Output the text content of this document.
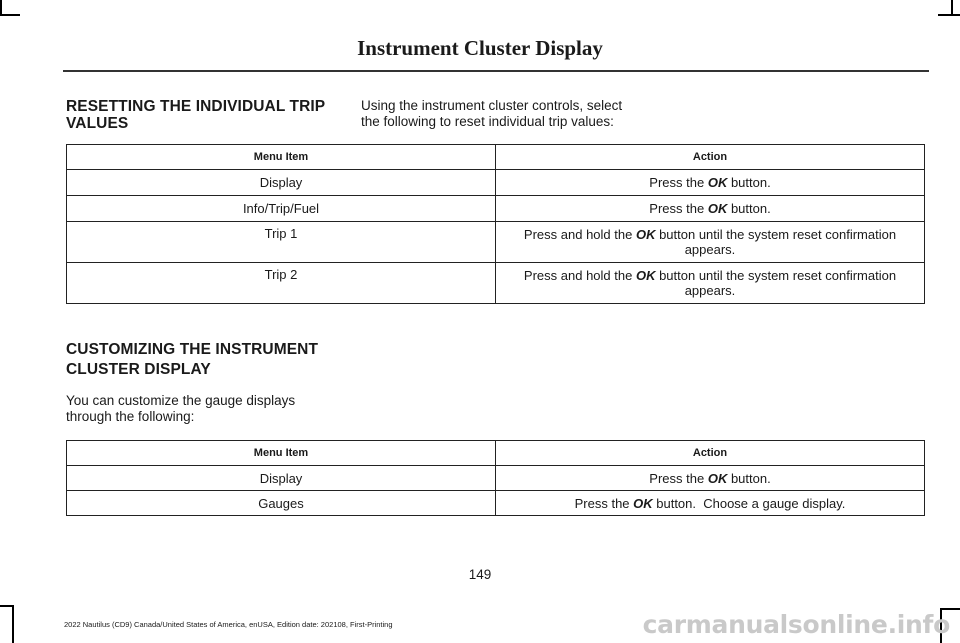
Instrument Cluster Display
RESETTING THE INDIVIDUAL TRIP
VALUES
Using the instrument cluster controls, select
the following to reset individual trip values:
Menu Item	Action
Display	Press the OK button.
Info/Trip/Fuel	Press the OK button.
Trip 1	Press and hold the OK button until the system reset confirmation appears.
Trip 2	Press and hold the OK button until the system reset confirmation appears.
CUSTOMIZING THE INSTRUMENT
CLUSTER DISPLAY
You can customize the gauge displays
through the following:
Menu Item	Action
Display	Press the OK button.
Gauges	Press the OK button.  Choose a gauge display.
149
2022 Nautilus (CD9) Canada/United States of America, enUSA, Edition date: 202108, First-Printing	carmanualsonline.info
